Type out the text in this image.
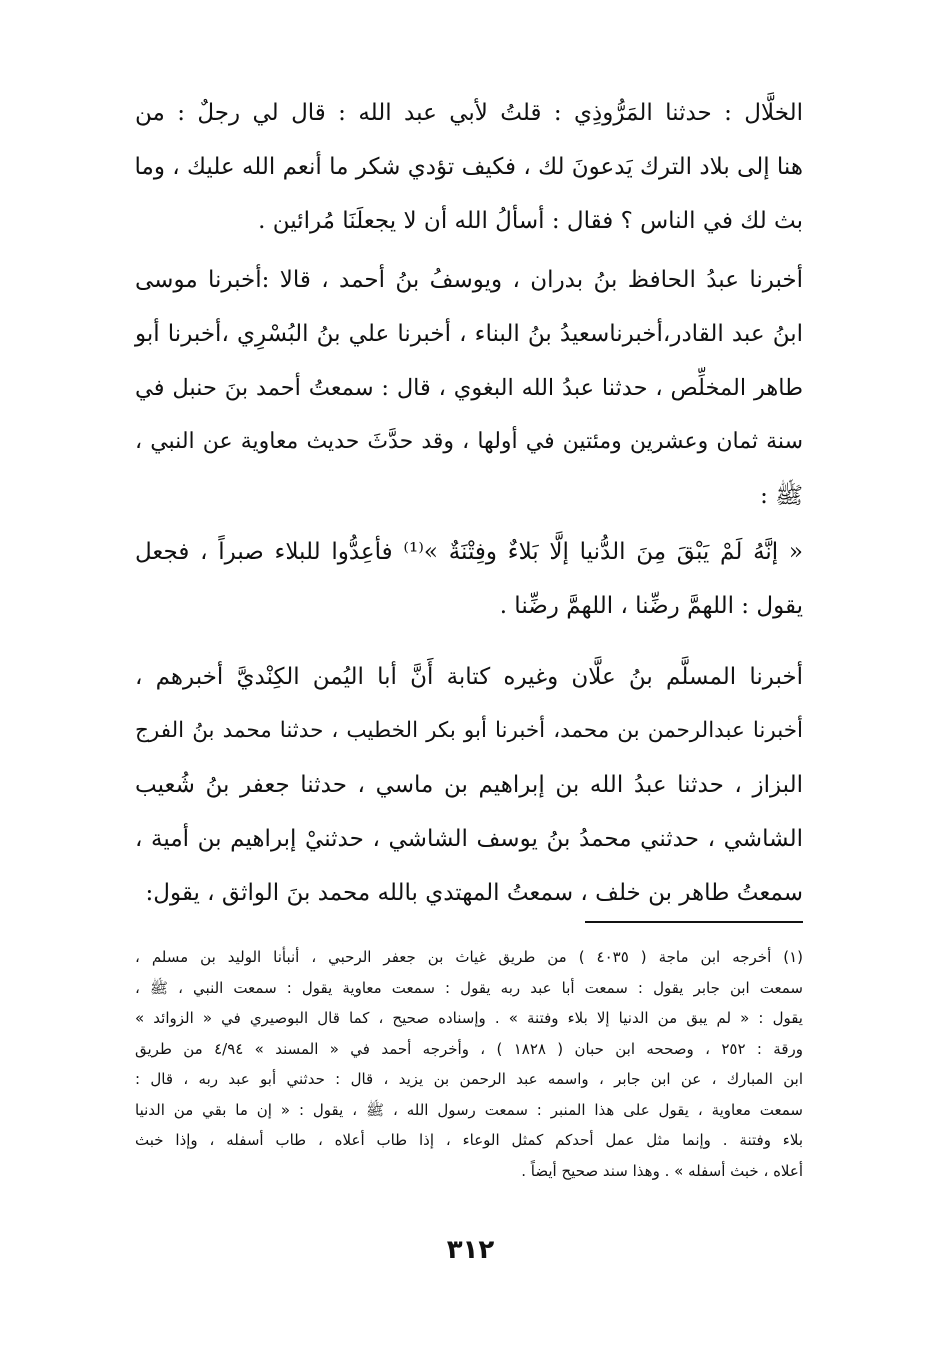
الخلَّال : حدثنا المَرُّوذِي : قلتُ لأبي عبد الله : قال لي رجلٌ : من
هنا إلى بلاد الترك يَدعونَ لك ، فكيف تؤدي شكر ما أنعم الله عليك ، وما
بث لك في الناس ؟ فقال : أسألُ الله أن لا يجعلَنَا مُرائين .
أخبرنا عبدُ الحافظ بنُ بدران ، ويوسفُ بنُ أحمد ، قالا :أخبرنا موسى
ابنُ عبد القادر،أخبرناسعيدُ بنُ البناء ، أخبرنا علي بنُ البُسْرِي ،أخبرنا أبو
طاهر المخلِّص ، حدثنا عبدُ الله البغوي ، قال : سمعتُ أحمد بنَ حنبل في
سنة ثمان وعشرين ومئتين في أولها ، وقد حدَّثَ حديث معاوية عن النبي ،
ﷺ :
« إنَّهُ لَمْ يَبْقَ مِنَ الدُّنيا إلَّا بَلاءٌ وفِتْنَةٌ »⁽¹⁾ فأعِدُّوا للبلاء صبراً ، فجعل
يقول : اللهمَّ رضِّنا ، اللهمَّ رضِّنا .
أخبرنا المسلَّم بنُ علَّان وغيره كتابة أَنَّ أبا اليُمن الكِنْديَّ أخبرهم ،
أخبرنا عبدالرحمن بن محمد، أخبرنا أبو بكر الخطيب ، حدثنا محمد بنُ الفرج
البزاز ، حدثنا عبدُ الله بن إبراهيم بن ماسي ، حدثنا جعفر بنُ شُعيب
الشاشي ، حدثني محمدُ بنُ يوسف الشاشي ، حدثنيْ إبراهيم بن أمية ،
سمعتُ طاهر بن خلف ، سمعتُ المهتدي بالله محمد بنَ الواثق ، يقول:
(١) أخرجه ابن ماجة ( ٤٠٣٥ ) من طريق غياث بن جعفر الرحبي ، أنبأنا الوليد بن مسلم ،
سمعت ابن جابر يقول : سمعت أبا عبد ربه يقول : سمعت معاوية يقول : سمعت النبي ، ﷺ ،
يقول : « لم يبق من الدنيا إلا بلاء وفتنة » . وإسناده صحيح ، كما قال البوصيري في « الزوائد »
ورقة : ٢٥٢ ، وصححه ابن حبان ( ١٨٢٨ ) ، وأخرجه أحمد في « المسند » ٤/٩٤ من طريق
ابن المبارك ، عن ابن جابر ، واسمه عبد الرحمن بن يزيد ، قال : حدثني أبو عبد ربه ، قال :
سمعت معاوية ، يقول على هذا المنبر : سمعت رسول الله ، ﷺ ، يقول : « إن ما بقي من الدنيا
بلاء وفتنة . وإنما مثل عمل أحدكم كمثل الوعاء ، إذا طاب أعلاه ، طاب أسفله ، وإذا خبث
أعلاه ، خبث أسفله » . وهذا سند صحيح أيضاً .
٣١٢
